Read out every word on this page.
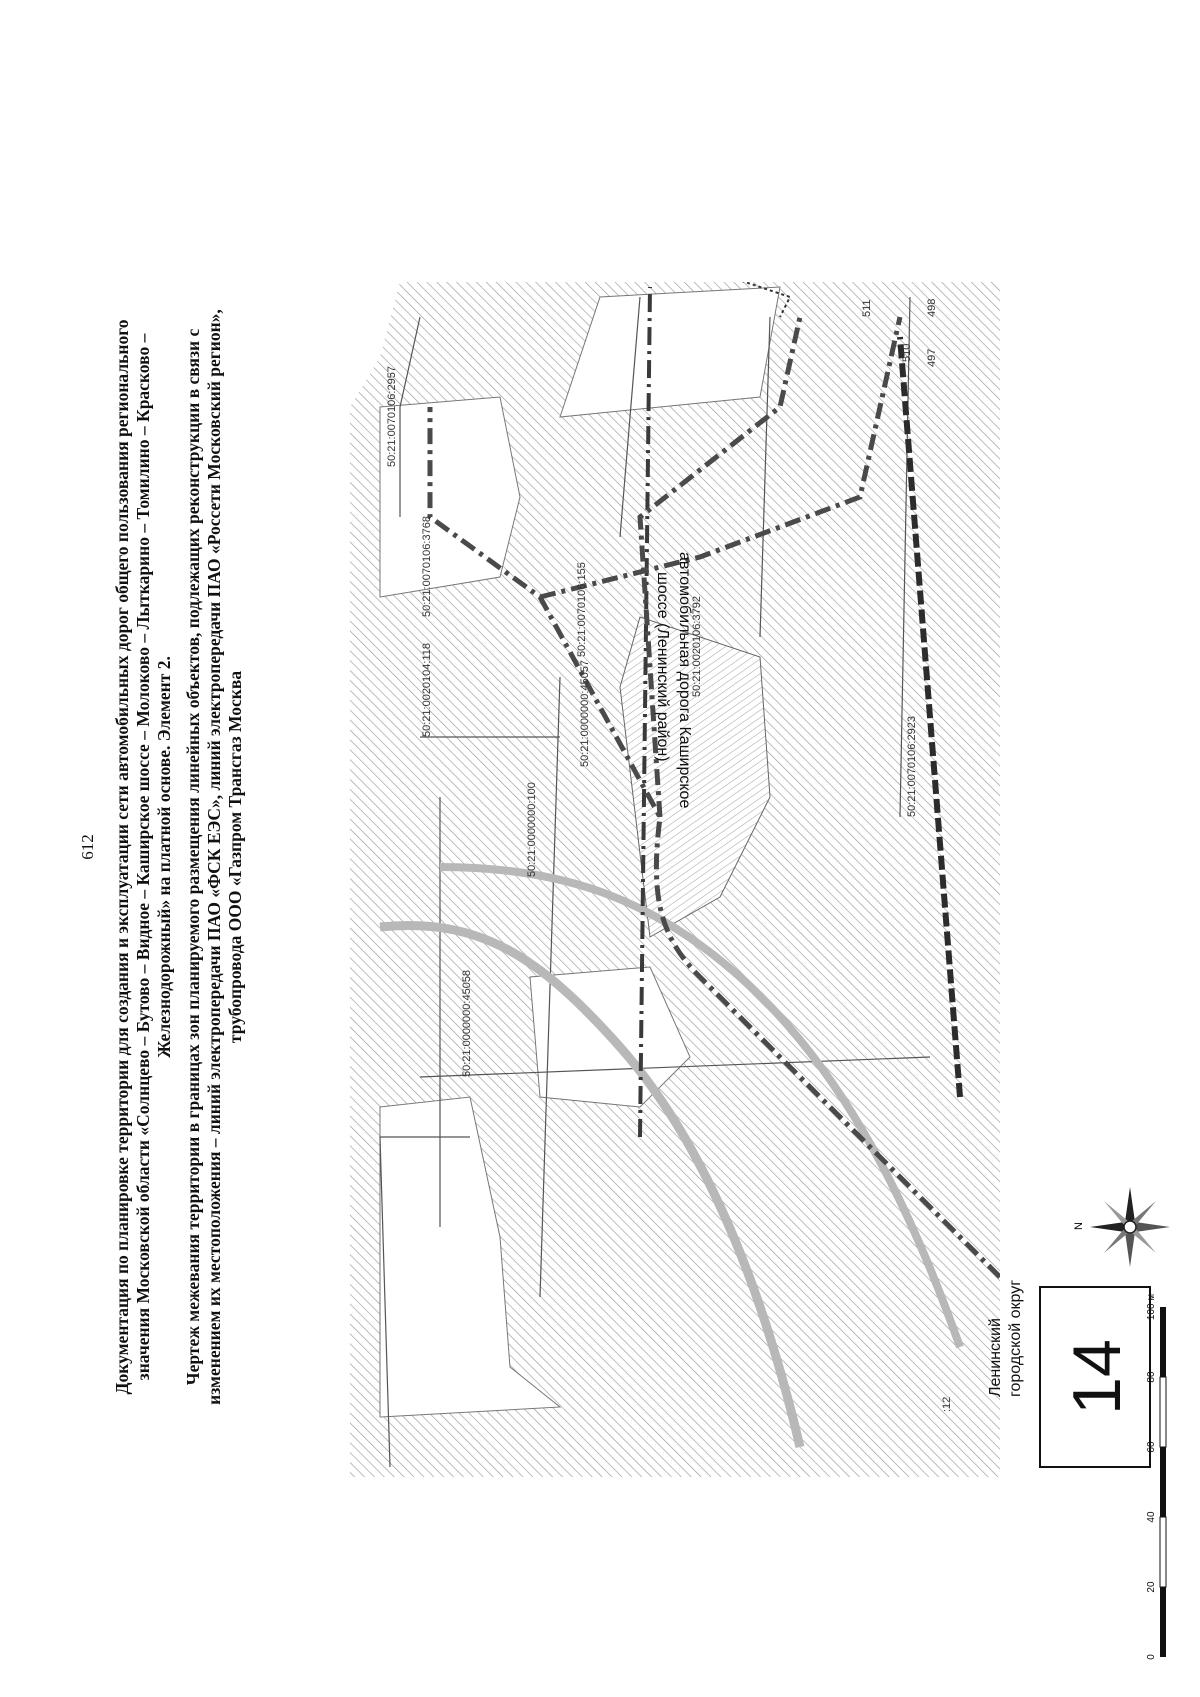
612 Документация по планировке территории для создания и эксплуатации сети автомобильных дорог общего пользования регионального значения Московской области «Солнцево – Бутово – Видное – Каширское шоссе – Молоково – Лыткарино – Томилино – Красково – Железнодорожный» на платной основе. Элемент 2. Чертеж межевания территории в границах зон планируемого размещения линейных объектов, подлежащих реконструкции в связи с изменением их местоположения – линий электропередачи ПАО «ФСК ЕЭС», линий электропередачи ПАО «Россети Московский регион», трубопровода ООО «Газпром Трансгаз Москва

50:21:0070106:2957
50:21:0070106:3768	50:21:0070106:155	50:21:0020106:3792
50:21:0070106:2923
50:21:0020104:118	50:21:0000000:45057
50:21:0000000:100
50:21:0000000:45058
511
510
498
497
:12
автомобильная дорога Каширское
шоссе (Ленинский район)
Ленинский городской округ 14
N
0
20
40
60
80
100 м
